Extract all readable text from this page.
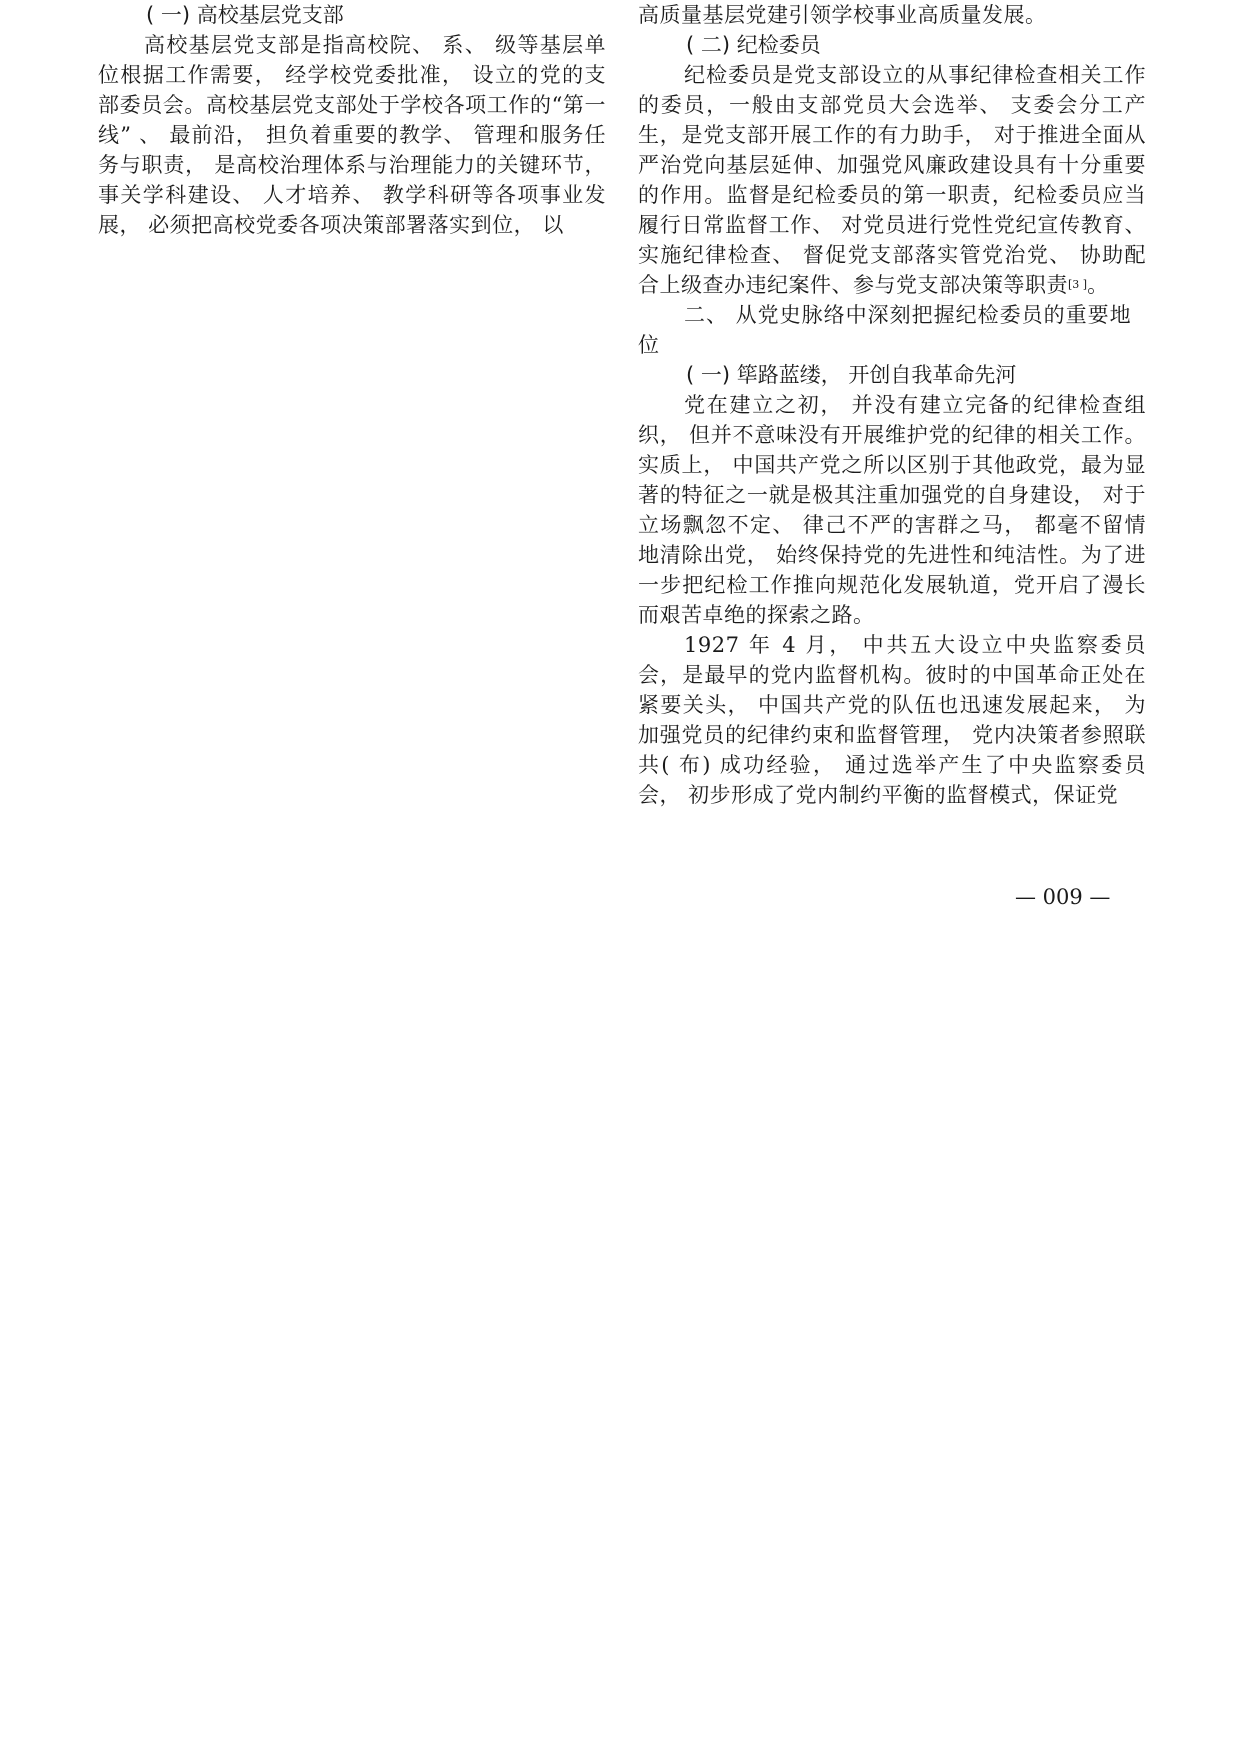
( 一) 高校基层党支部

高校基层党支部是指高校院、 系、 级等基层单位根据工作需要， 经学校党委批准， 设立的党的支部委员会。高校基层党支部处于学校各项工作的“第一线” 、 最前沿， 担负着重要的教学、 管理和服务任务与职责， 是高校治理体系与治理能力的关键环节， 事关学科建设、 人才培养、 教学科研等各项事业发展， 必须把高校党委各项决策部署落实到位， 以

高质量基层党建引领学校事业高质量发展。

( 二) 纪检委员

纪检委员是党支部设立的从事纪律检查相关工作的委员，一般由支部党员大会选举、 支委会分工产生，是党支部开展工作的有力助手， 对于推进全面从严治党向基层延伸、加强党风廉政建设具有十分重要的作用。监督是纪检委员的第一职责，纪检委员应当履行日常监督工作、 对党员进行党性党纪宣传教育、实施纪律检查、 督促党支部落实管党治党、 协助配合上级查办违纪案件、参与党支部决策等职责[3 ]。

二、 从党史脉络中深刻把握纪检委员的重要地位
( 一) 筚路蓝缕， 开创自我革命先河

党在建立之初， 并没有建立完备的纪律检查组织， 但并不意味没有开展维护党的纪律的相关工作。实质上， 中国共产党之所以区别于其他政党，最为显著的特征之一就是极其注重加强党的自身建设， 对于立场飘忽不定、 律己不严的害群之马， 都毫不留情地清除出党， 始终保持党的先进性和纯洁性。为了进一步把纪检工作推向规范化发展轨道，党开启了漫长而艰苦卓绝的探索之路。

1927 年 4 月， 中共五大设立中央监察委员会，是最早的党内监督机构。彼时的中国革命正处在紧要关头， 中国共产党的队伍也迅速发展起来， 为加强党员的纪律约束和监督管理， 党内决策者参照联共( 布) 成功经验， 通过选举产生了中央监察委员会， 初步形成了党内制约平衡的监督模式，保证党

— 009 —
